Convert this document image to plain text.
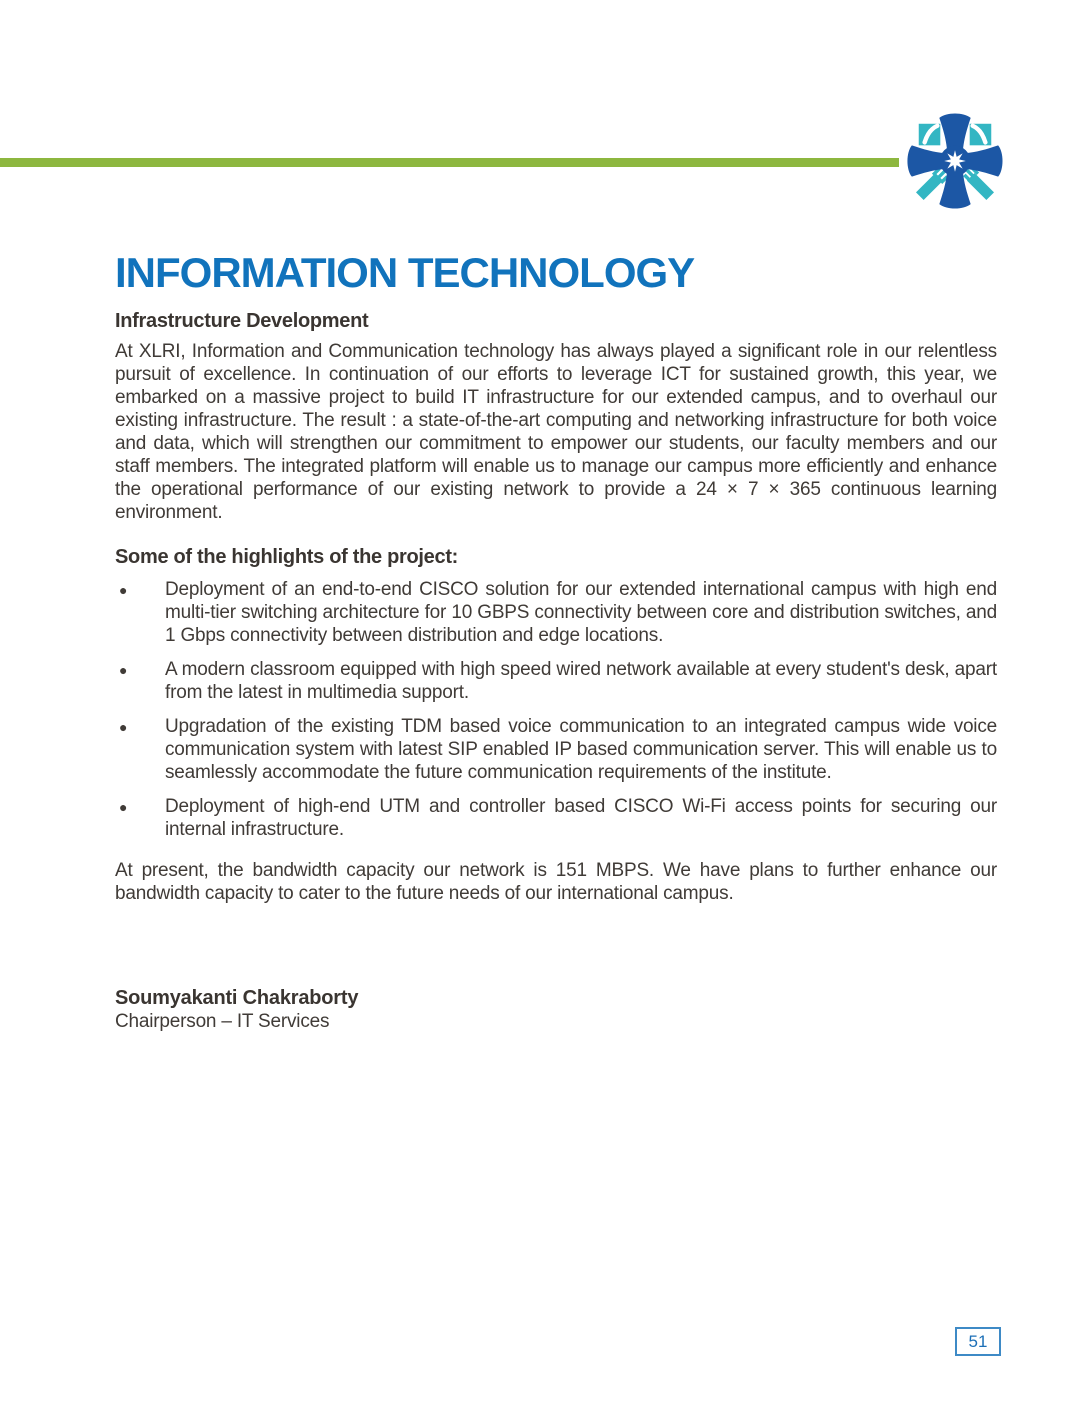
INFORMATION TECHNOLOGY
Infrastructure Development

At XLRI, Information and Communication technology has always played a significant role in our relentless pursuit of excellence. In continuation of our efforts to leverage ICT for sustained growth, this year, we embarked on a massive project to build IT infrastructure for our extended campus, and to overhaul our existing infrastructure. The result : a state-of-the-art computing and networking infrastructure for both voice and data, which will strengthen our commitment to empower our students, our faculty members and our staff members. The integrated platform will enable us to manage our campus more efficiently and enhance the operational performance of our existing network to provide a 24 × 7 × 365 continuous learning environment.

Some of the highlights of the project:
● Deployment of an end-to-end CISCO solution for our extended international campus with high end multi-tier switching architecture for 10 GBPS connectivity between core and distribution switches, and 1 Gbps connectivity between distribution and edge locations.
● A modern classroom equipped with high speed wired network available at every student's desk, apart from the latest in multimedia support.
● Upgradation of the existing TDM based voice communication to an integrated campus wide voice communication system with latest SIP enabled IP based communication server. This will enable us to seamlessly accommodate the future communication requirements of the institute.
● Deployment of high-end UTM and controller based CISCO Wi-Fi access points for securing our internal infrastructure.

At present, the bandwidth capacity our network is 151 MBPS. We have plans to further enhance our bandwidth capacity to cater to the future needs of our international campus.

Soumyakanti Chakraborty
Chairperson – IT Services
51
